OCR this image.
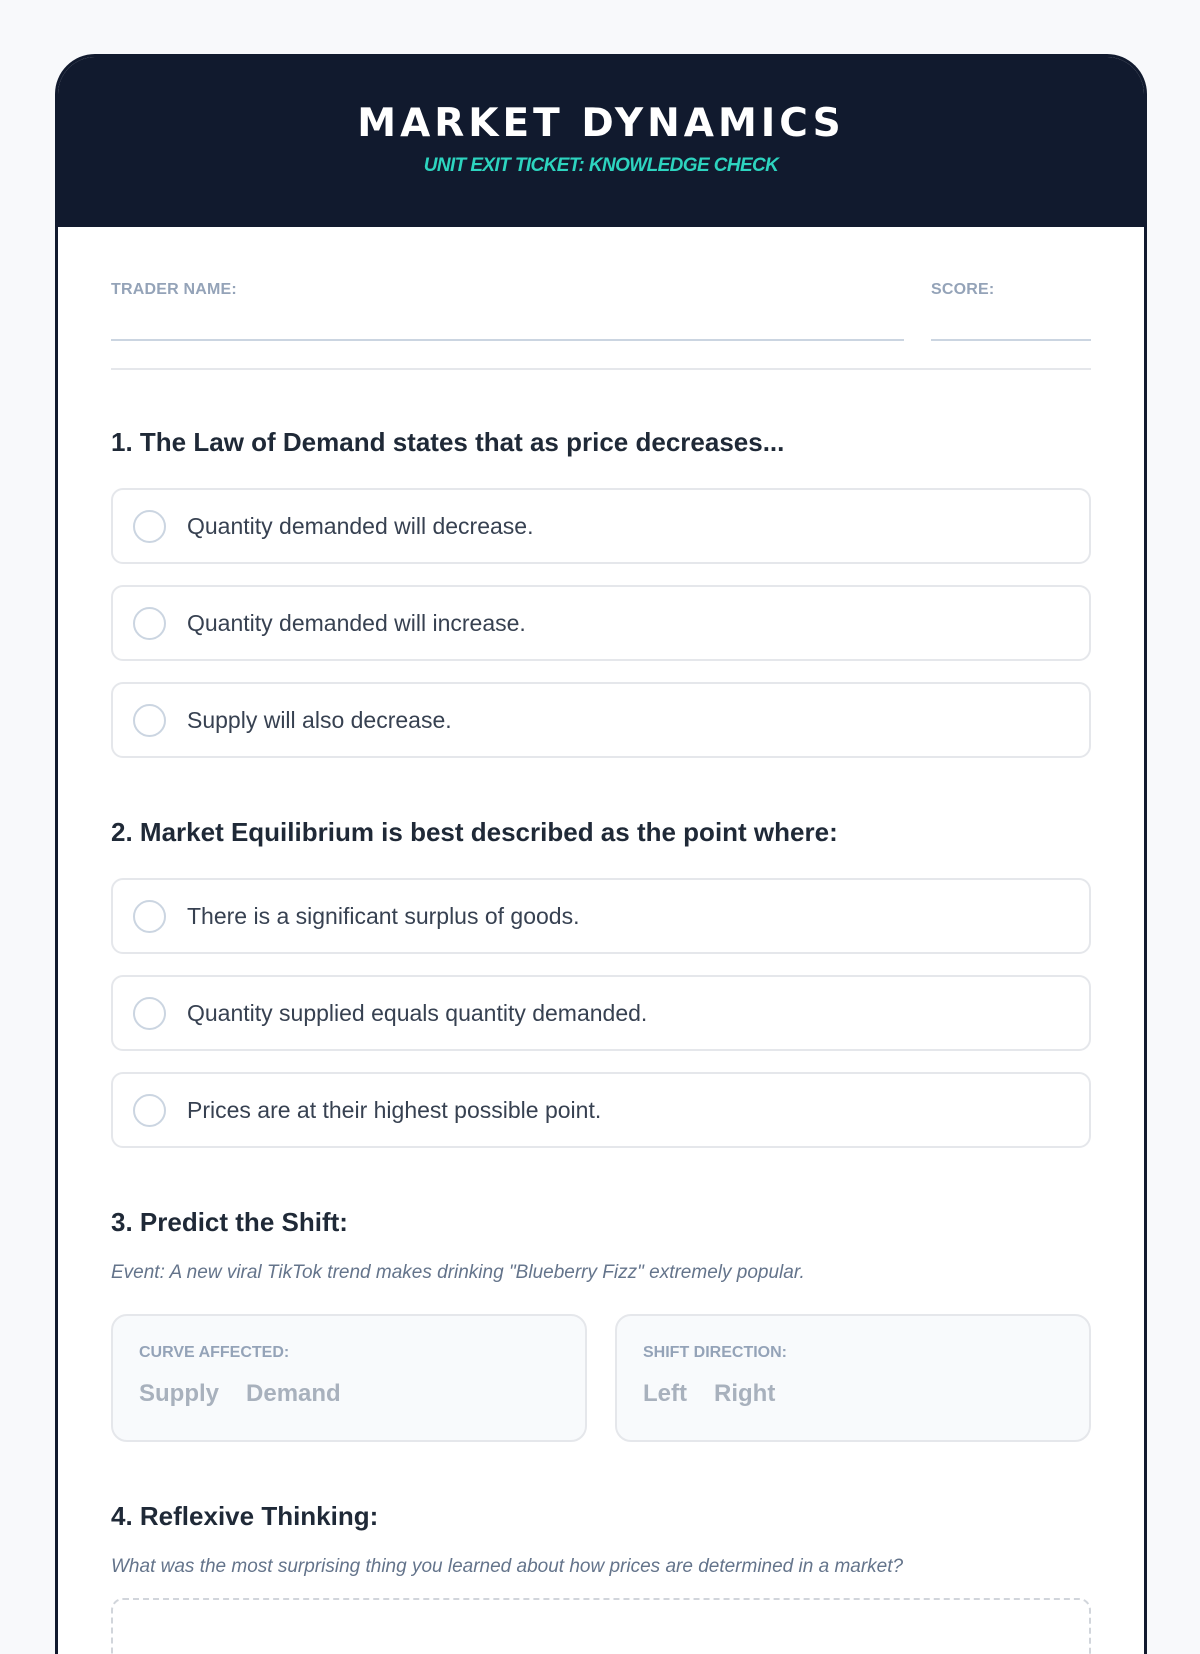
MARKET DYNAMICS
UNIT EXIT TICKET: KNOWLEDGE CHECK
TRADER NAME:	SCORE:
1. The Law of Demand states that as price decreases...
Quantity demanded will decrease.
Quantity demanded will increase.
Supply will also decrease.
2. Market Equilibrium is best described as the point where:
There is a significant surplus of goods.
Quantity supplied equals quantity demanded.
Prices are at their highest possible point.
3. Predict the Shift:
Event: A new viral TikTok trend makes drinking "Blueberry Fizz" extremely popular.
CURVE AFFECTED:
Supply Demand
SHIFT DIRECTION:
Left Right
4. Reflexive Thinking:
What was the most surprising thing you learned about how prices are determined in a market?
